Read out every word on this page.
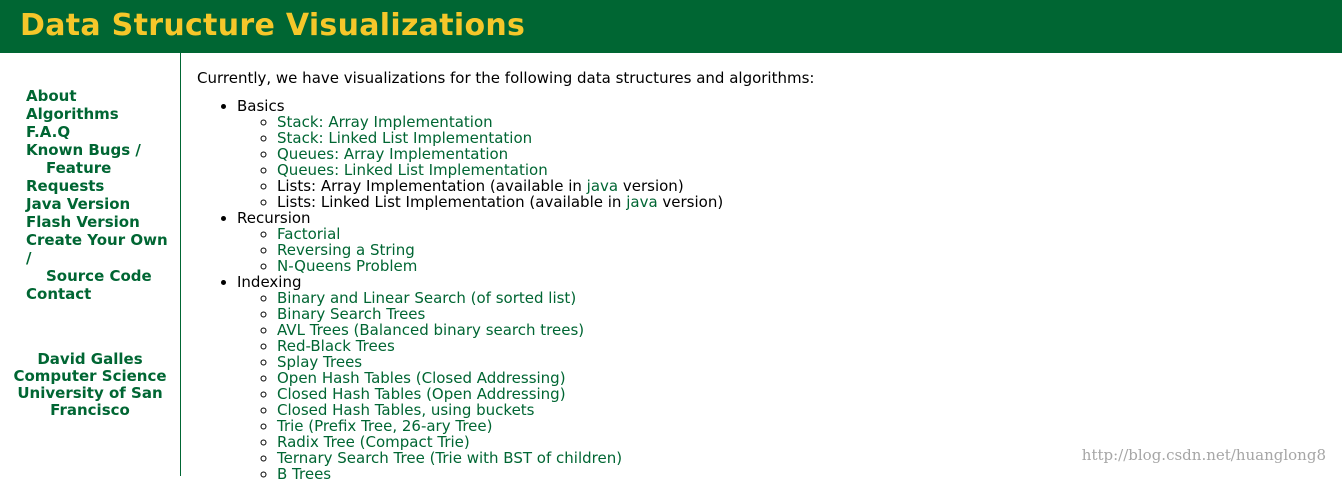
Data Structure Visualizations
About
Algorithms
F.A.Q
Known Bugs /
Feature
Requests
Java Version
Flash Version
Create Your Own
/
Source Code
Contact
David Galles
Computer Science
University of San
Francisco

Currently, we have visualizations for the following data structures and algorithms:

• Basics
◦ Stack: Array Implementation
◦ Stack: Linked List Implementation
◦ Queues: Array Implementation
◦ Queues: Linked List Implementation
◦ Lists: Array Implementation (available in java version)
◦ Lists: Linked List Implementation (available in java version)
• Recursion
◦ Factorial
◦ Reversing a String
◦ N-Queens Problem
• Indexing
◦ Binary and Linear Search (of sorted list)
◦ Binary Search Trees
◦ AVL Trees (Balanced binary search trees)
◦ Red-Black Trees
◦ Splay Trees
◦ Open Hash Tables (Closed Addressing)
◦ Closed Hash Tables (Open Addressing)
◦ Closed Hash Tables, using buckets
◦ Trie (Prefix Tree, 26-ary Tree)
◦ Radix Tree (Compact Trie)
◦ Ternary Search Tree (Trie with BST of children)
◦ B Trees
http://blog.csdn.net/huanglong8
